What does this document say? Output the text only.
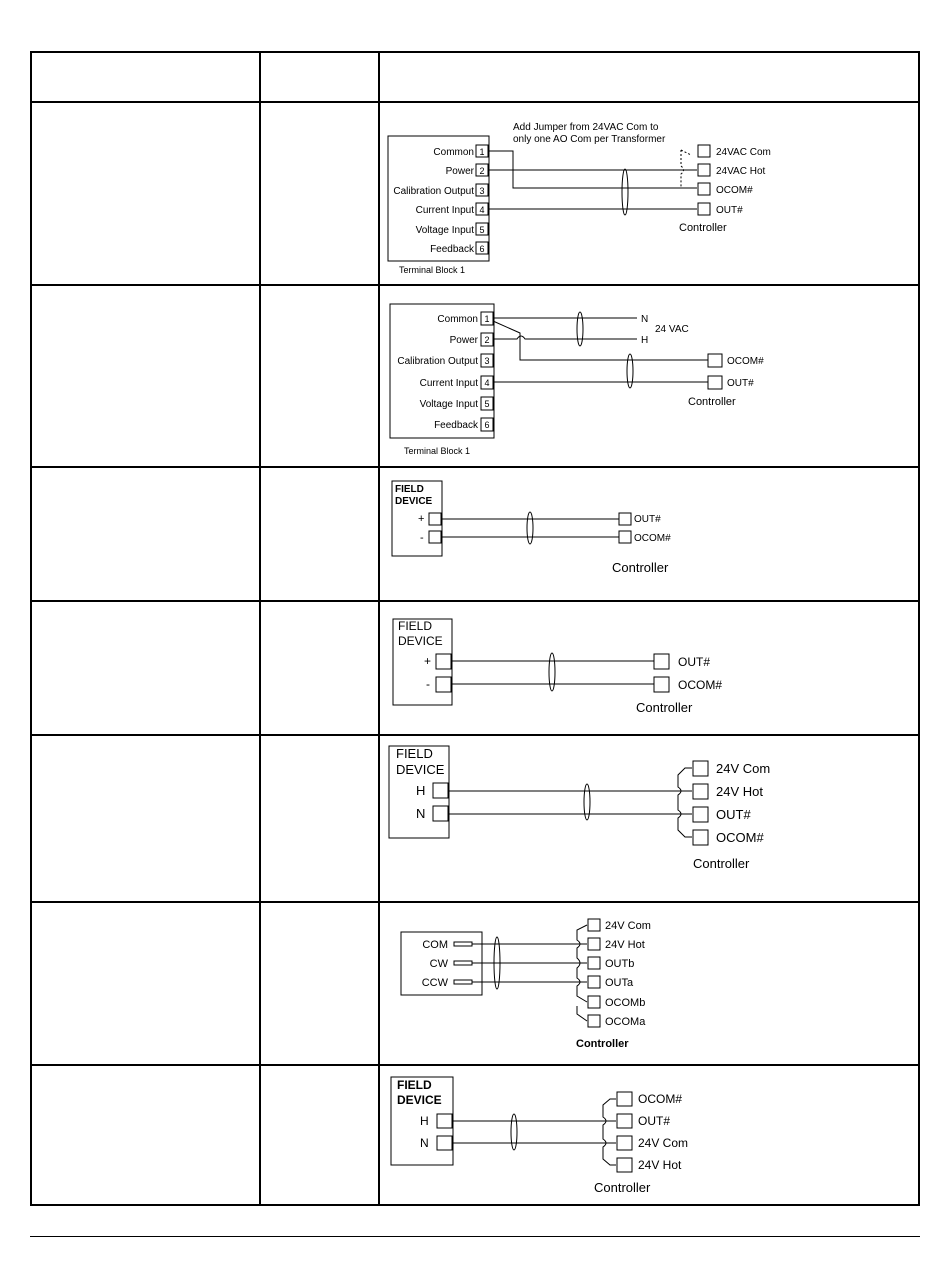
Add Jumper from 24VAC Com to
only one AO Com per Transformer
Common
Power
Calibration Output
Current Input
Voltage Input
Feedback
1
2
3
4
5
6
Terminal Block 1
24VAC Com
24VAC Hot
OCOM#
OUT#
Controller
Common
Power
Calibration Output
Current Input
Voltage Input
Feedback
1
2
3
4
5
6
Terminal Block 1
N
H
24 VAC
OCOM#
OUT#
Controller
FIELD
DEVICE
+
-
OUT#
OCOM#
Controller
FIELD
DEVICE
+
-
OUT#
OCOM#
Controller
FIELD
DEVICE
H
N
24V Com
24V Hot
OUT#
OCOM#
Controller
COM
CW
CCW
24V Com
24V Hot
OUTb
OUTa
OCOMb
OCOMa
Controller
FIELD
DEVICE
H
N
OCOM#
OUT#
24V Com
24V Hot
Controller
